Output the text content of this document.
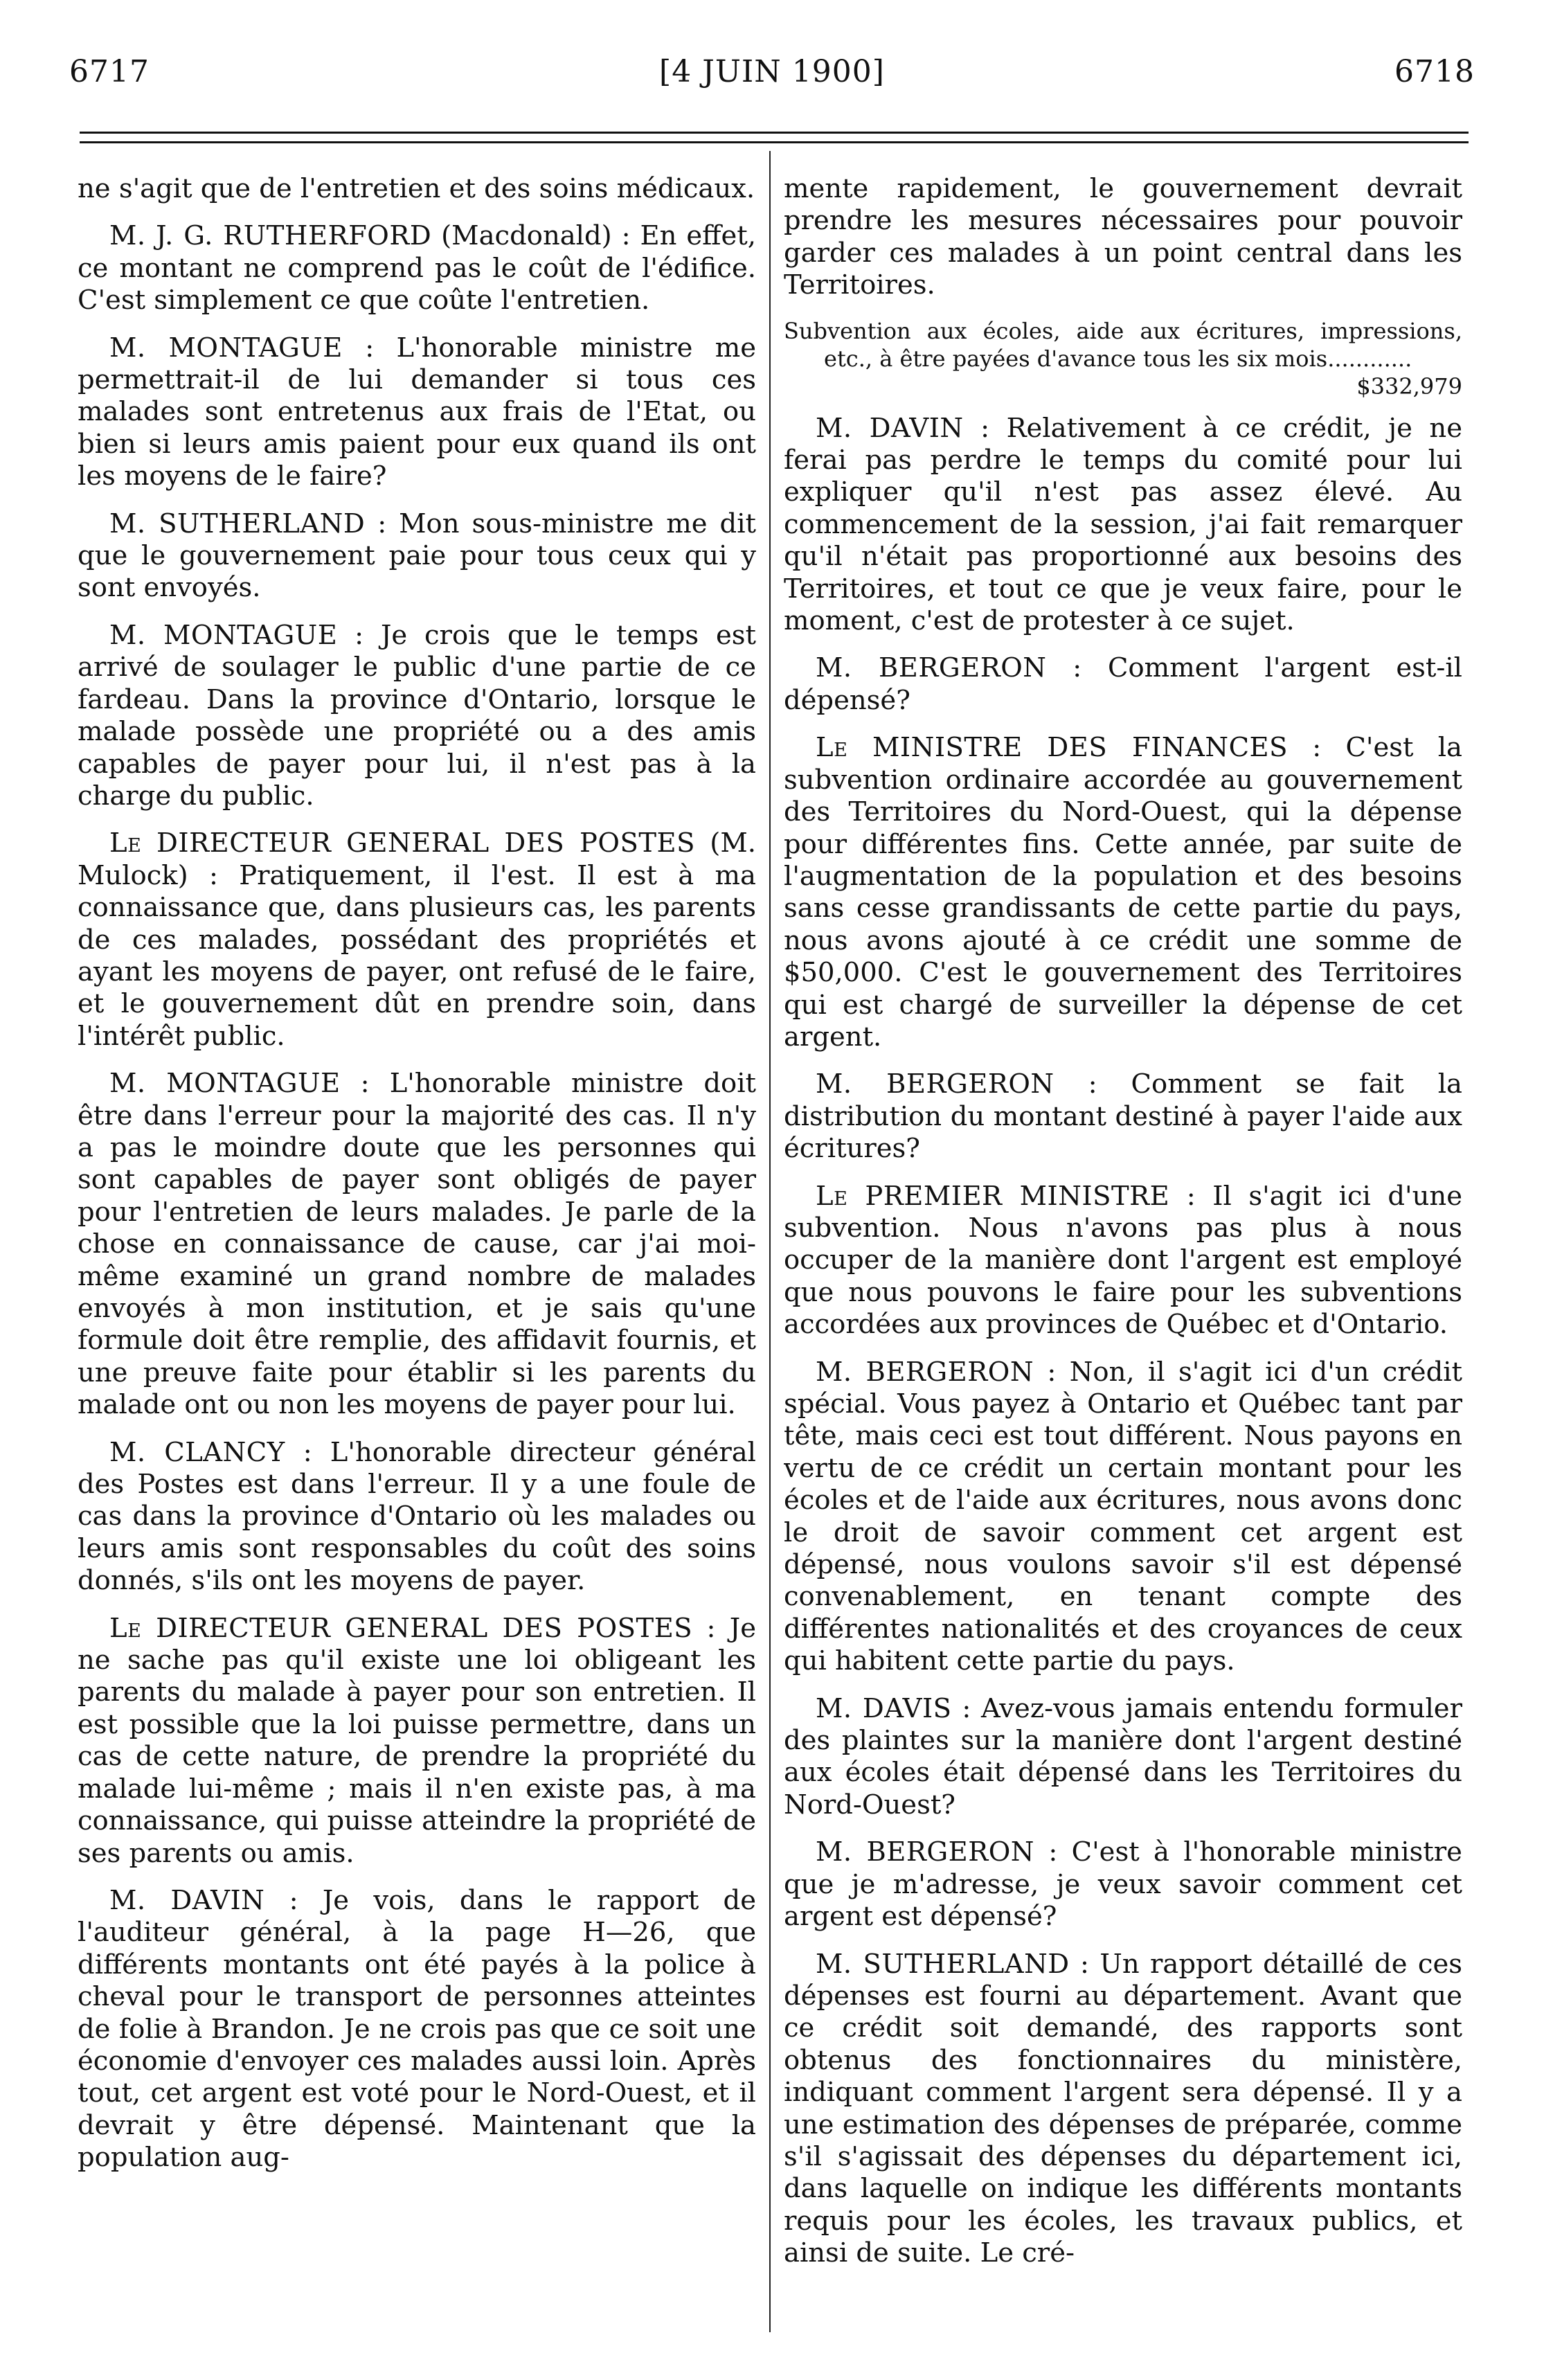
6717	[4 JUIN 1900]	6718

ne s'agit que de l'entretien et des soins médicaux.

M. J. G. RUTHERFORD (Macdonald) : En effet, ce montant ne comprend pas le coût de l'édifice. C'est simplement ce que coûte l'entretien.

M. MONTAGUE : L'honorable ministre me permettrait-il de lui demander si tous ces malades sont entretenus aux frais de l'Etat, ou bien si leurs amis paient pour eux quand ils ont les moyens de le faire?

M. SUTHERLAND : Mon sous-ministre me dit que le gouvernement paie pour tous ceux qui y sont envoyés.

M. MONTAGUE : Je crois que le temps est arrivé de soulager le public d'une partie de ce fardeau. Dans la province d'Ontario, lorsque le malade possède une propriété ou a des amis capables de payer pour lui, il n'est pas à la charge du public.

Le DIRECTEUR GENERAL DES POSTES (M. Mulock) : Pratiquement, il l'est. Il est à ma connaissance que, dans plusieurs cas, les parents de ces malades, possédant des propriétés et ayant les moyens de payer, ont refusé de le faire, et le gouvernement dût en prendre soin, dans l'intérêt public.

M. MONTAGUE : L'honorable ministre doit être dans l'erreur pour la majorité des cas. Il n'y a pas le moindre doute que les personnes qui sont capables de payer sont obligés de payer pour l'entretien de leurs malades. Je parle de la chose en connaissance de cause, car j'ai moi-même examiné un grand nombre de malades envoyés à mon institution, et je sais qu'une formule doit être remplie, des affidavit fournis, et une preuve faite pour établir si les parents du malade ont ou non les moyens de payer pour lui.

M. CLANCY : L'honorable directeur général des Postes est dans l'erreur. Il y a une foule de cas dans la province d'Ontario où les malades ou leurs amis sont responsables du coût des soins donnés, s'ils ont les moyens de payer.

Le DIRECTEUR GENERAL DES POSTES : Je ne sache pas qu'il existe une loi obligeant les parents du malade à payer pour son entretien. Il est possible que la loi puisse permettre, dans un cas de cette nature, de prendre la propriété du malade lui-même ; mais il n'en existe pas, à ma connaissance, qui puisse atteindre la propriété de ses parents ou amis.

M. DAVIN : Je vois, dans le rapport de l'auditeur général, à la page H—26, que différents montants ont été payés à la police à cheval pour le transport de personnes atteintes de folie à Brandon. Je ne crois pas que ce soit une économie d'envoyer ces malades aussi loin. Après tout, cet argent est voté pour le Nord-Ouest, et il devrait y être dépensé. Maintenant que la population aug-

mente rapidement, le gouvernement devrait prendre les mesures nécessaires pour pouvoir garder ces malades à un point central dans les Territoires.

Subvention aux écoles, aide aux écritures, impressions, etc., à être payées d'avance tous les six mois............
$332,979

M. DAVIN : Relativement à ce crédit, je ne ferai pas perdre le temps du comité pour lui expliquer qu'il n'est pas assez élevé. Au commencement de la session, j'ai fait remarquer qu'il n'était pas proportionné aux besoins des Territoires, et tout ce que je veux faire, pour le moment, c'est de protester à ce sujet.

M. BERGERON : Comment l'argent est-il dépensé?

Le MINISTRE DES FINANCES : C'est la subvention ordinaire accordée au gouvernement des Territoires du Nord-Ouest, qui la dépense pour différentes fins. Cette année, par suite de l'augmentation de la population et des besoins sans cesse grandissants de cette partie du pays, nous avons ajouté à ce crédit une somme de $50,000. C'est le gouvernement des Territoires qui est chargé de surveiller la dépense de cet argent.

M. BERGERON : Comment se fait la distribution du montant destiné à payer l'aide aux écritures?

Le PREMIER MINISTRE : Il s'agit ici d'une subvention. Nous n'avons pas plus à nous occuper de la manière dont l'argent est employé que nous pouvons le faire pour les subventions accordées aux provinces de Québec et d'Ontario.

M. BERGERON : Non, il s'agit ici d'un crédit spécial. Vous payez à Ontario et Québec tant par tête, mais ceci est tout différent. Nous payons en vertu de ce crédit un certain montant pour les écoles et de l'aide aux écritures, nous avons donc le droit de savoir comment cet argent est dépensé, nous voulons savoir s'il est dépensé convenablement, en tenant compte des différentes nationalités et des croyances de ceux qui habitent cette partie du pays.

M. DAVIS : Avez-vous jamais entendu formuler des plaintes sur la manière dont l'argent destiné aux écoles était dépensé dans les Territoires du Nord-Ouest?

M. BERGERON : C'est à l'honorable ministre que je m'adresse, je veux savoir comment cet argent est dépensé?

M. SUTHERLAND : Un rapport détaillé de ces dépenses est fourni au département. Avant que ce crédit soit demandé, des rapports sont obtenus des fonctionnaires du ministère, indiquant comment l'argent sera dépensé. Il y a une estimation des dépenses de préparée, comme s'il s'agissait des dépenses du département ici, dans laquelle on indique les différents montants requis pour les écoles, les travaux publics, et ainsi de suite. Le cré-
